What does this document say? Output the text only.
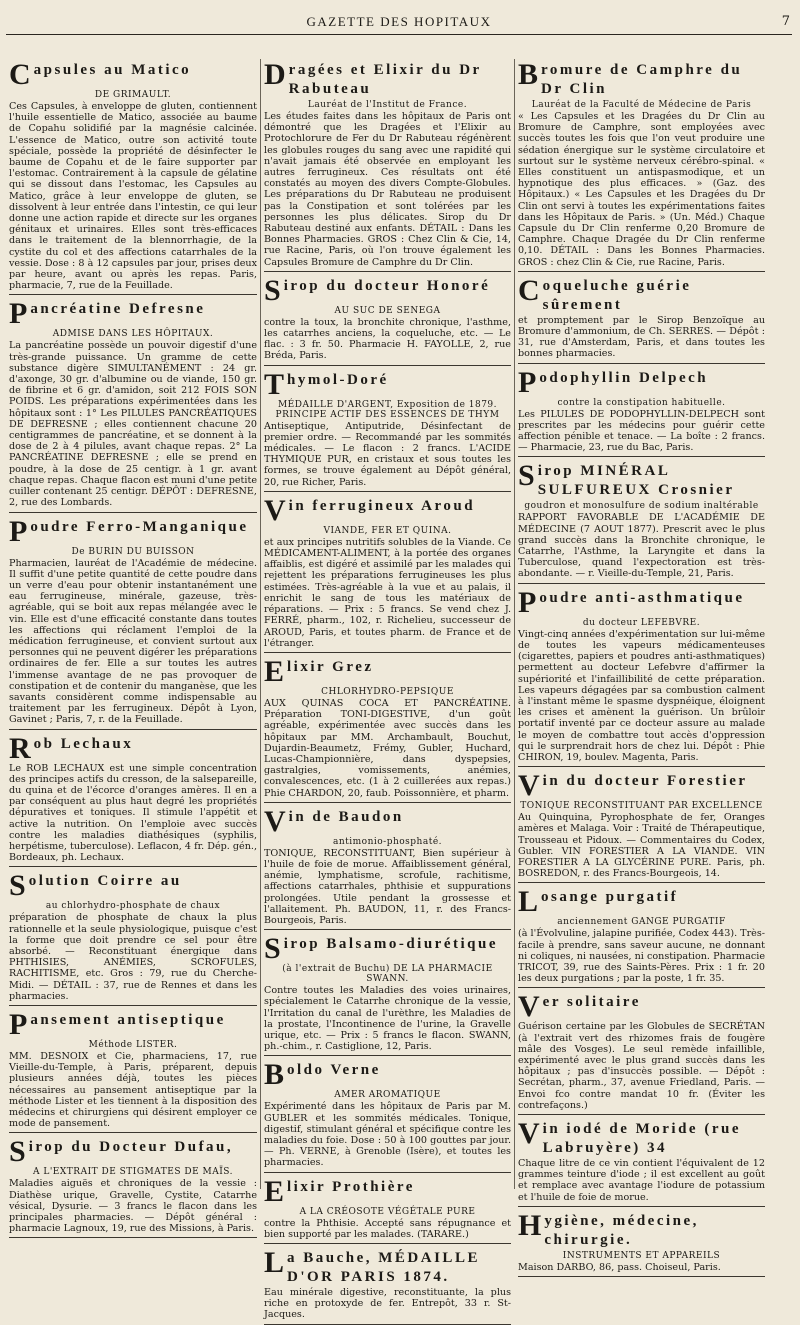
GAZETTE DES HOPITAUX	7
C apsules au Matico
DE GRIMAULT.
Ces Capsules, à enveloppe de gluten, contiennent l'huile essentielle de Matico, associée au baume de Copahu solidifié par la magnésie calcinée. L'essence de Matico, outre son activité toute spéciale, possède la propriété de désinfecter le baume de Copahu et de le faire supporter par l'estomac. Contrairement à la capsule de gélatine qui se dissout dans l'estomac, les Capsules au Matico, grâce à leur enveloppe de gluten, se dissolvent à leur entrée dans l'intestin, ce qui leur donne une action rapide et directe sur les organes génitaux et urinaires. Elles sont très-efficaces dans le traitement de la blennorrhagie, de la cystite du col et des affections catarrhales de la vessie. Dose : 8 à 12 capsules par jour, prises deux par heure, avant ou après les repas. Paris, pharmacie, 7, rue de la Feuillade.
P ancréatine Defresne
ADMISE DANS LES HÔPITAUX.
La pancréatine possède un pouvoir digestif d'une très-grande puissance. Un gramme de cette substance digère SIMULTANÉMENT : 24 gr. d'axonge, 30 gr. d'albumine ou de viande, 150 gr. de fibrine et 6 gr. d'amidon, soit 212 FOIS SON POIDS. Les préparations expérimentées dans les hôpitaux sont : 1° Les PILULES PANCRÉATIQUES DE DEFRESNE ; elles contiennent chacune 20 centigrammes de pancréatine, et se donnent à la dose de 2 à 4 pilules, avant chaque repas. 2° La PANCRÉATINE DEFRESNE ; elle se prend en poudre, à la dose de 25 centigr. à 1 gr. avant chaque repas. Chaque flacon est muni d'une petite cuiller contenant 25 centigr. DÉPÔT : DEFRESNE, 2, rue des Lombards.
P oudre Ferro-Manganique
De BURIN DU BUISSON
Pharmacien, lauréat de l'Académie de médecine. Il suffit d'une petite quantité de cette poudre dans un verre d'eau pour obtenir instantanément une eau ferrugineuse, minérale, gazeuse, très-agréable, qui se boit aux repas mélangée avec le vin. Elle est d'une efficacité constante dans toutes les affections qui réclament l'emploi de la médication ferrugineuse, et convient surtout aux personnes qui ne peuvent digérer les préparations ordinaires de fer. Elle a sur toutes les autres l'immense avantage de ne pas provoquer de constipation et de contenir du manganèse, que les savants considèrent comme indispensable au traitement par les ferrugineux. Dépôt à Lyon, Gavinet ; Paris, 7, r. de la Feuillade.
R ob Lechaux
Le ROB LECHAUX est une simple concentration des principes actifs du cresson, de la salsepareille, du quina et de l'écorce d'oranges amères. Il en a par conséquent au plus haut degré les propriétés dépuratives et toniques. Il stimule l'appétit et active la nutrition. On l'emploie avec succès contre les maladies diathésiques (syphilis, herpétisme, tuberculose). Leflacon, 4 fr. Dép. gén., Bordeaux, ph. Lechaux.
S olution Coirre au
au chlorhydro-phosphate de chaux
préparation de phosphate de chaux la plus rationnelle et la seule physiologique, puisque c'est la forme que doit prendre ce sel pour être absorbé. — Reconstituant énergique dans PHTHISIES, ANÉMIES, SCROFULES, RACHITISME, etc. Gros : 79, rue du Cherche-Midi. — DÉTAIL : 37, rue de Rennes et dans les pharmacies.
P ansement antiseptique
Méthode LISTER.
MM. DESNOIX et Cie, pharmaciens, 17, rue Vieille-du-Temple, à Paris, préparent, depuis plusieurs années déjà, toutes les pièces nécessaires au pansement antiseptique par la méthode Lister et les tiennent à la disposition des médecins et chirurgiens qui désirent employer ce mode de pansement.
S irop du Docteur Dufau,
A L'EXTRAIT DE STIGMATES DE MAÏS.
Maladies aiguës et chroniques de la vessie : Diathèse urique, Gravelle, Cystite, Catarrhe vésical, Dysurie. — 3 francs le flacon dans les principales pharmacies. — Dépôt général : pharmacie Lagnoux, 19, rue des Missions, à Paris.
D ragées et Elixir du Dr Rabuteau
Lauréat de l'Institut de France.
Les études faites dans les hôpitaux de Paris ont démontré que les Dragées et l'Elixir au Protochlorure de Fer du Dr Rabuteau régénèrent les globules rouges du sang avec une rapidité qui n'avait jamais été observée en employant les autres ferrugineux. Ces résultats ont été constatés au moyen des divers Compte-Globules. Les préparations du Dr Rabuteau ne produisent pas la Constipation et sont tolérées par les personnes les plus délicates. Sirop du Dr Rabuteau destiné aux enfants. DÉTAIL : Dans les Bonnes Pharmacies. GROS : Chez Clin & Cie, 14, rue Racine, Paris, où l'on trouve également les Capsules Bromure de Camphre du Dr Clin.
S irop du docteur Honoré
AU SUC DE SENEGA
contre la toux, la bronchite chronique, l'asthme, les catarrhes anciens, la coqueluche, etc. — Le flac. : 3 fr. 50. Pharmacie H. FAYOLLE, 2, rue Bréda, Paris.
T hymol-Doré
MÉDAILLE D'ARGENT, Exposition de 1879. PRINCIPE ACTIF DES ESSENCES DE THYM
Antiseptique, Antiputride, Désinfectant de premier ordre. — Recommandé par les sommités médicales. — Le flacon : 2 francs. L'ACIDE THYMIQUE PUR, en cristaux et sous toutes les formes, se trouve également au Dépôt général, 20, rue Richer, Paris.
V in ferrugineux Aroud
VIANDE, FER ET QUINA.
et aux principes nutritifs solubles de la Viande. Ce MÉDICAMENT-ALIMENT, à la portée des organes affaiblis, est digéré et assimilé par les malades qui rejettent les préparations ferrugineuses les plus estimées. Très-agréable à la vue et au palais, il enrichit le sang de tous les matériaux de réparations. — Prix : 5 francs. Se vend chez J. FERRÉ, pharm., 102, r. Richelieu, successeur de AROUD, Paris, et toutes pharm. de France et de l'étranger.
E lixir Grez
CHLORHYDRO-PEPSIQUE
AUX QUINAS COCA ET PANCRÉATINE. Préparation TONI-DIGESTIVE, d'un goût agréable, expérimentée avec succès dans les hôpitaux par MM. Archambault, Bouchut, Dujardin-Beaumetz, Frémy, Gubler, Huchard, Lucas-Championnière, dans dyspepsies, gastralgies, vomissements, anémies, convalescences, etc. (1 à 2 cuillerées aux repas.) Phie CHARDON, 20, faub. Poissonnière, et pharm.
V in de Baudon
antimonio-phosphaté.
TONIQUE, RECONSTITUANT, Bien supérieur à l'huile de foie de morue. Affaiblissement général, anémie, lymphatisme, scrofule, rachitisme, affections catarrhales, phthisie et suppurations prolongées. Utile pendant la grossesse et l'allaitement. Ph. BAUDON, 11, r. des Francs-Bourgeois, Paris.
S irop Balsamo-diurétique
(à l'extrait de Buchu) DE LA PHARMACIE SWANN.
Contre toutes les Maladies des voies urinaires, spécialement le Catarrhe chronique de la vessie, l'Irritation du canal de l'urèthre, les Maladies de la prostate, l'Incontinence de l'urine, la Gravelle urique, etc. — Prix : 5 francs le flacon. SWANN, ph.-chim., r. Castiglione, 12, Paris.
B oldo Verne
AMER AROMATIQUE
Expérimenté dans les hôpitaux de Paris par M. GUBLER et les sommités médicales. Tonique, digestif, stimulant général et spécifique contre les maladies du foie. Dose : 50 à 100 gouttes par jour. — Ph. VERNE, à Grenoble (Isère), et toutes les pharmacies.
E lixir Prothière
A LA CRÉOSOTE VÉGÉTALE PURE
contre la Phthisie. Accepté sans répugnance et bien supporté par les malades. (TARARE.)
L a Bauche, MÉDAILLE D'OR PARIS 1874.
Eau minérale digestive, reconstituante, la plus riche en protoxyde de fer. Entrepôt, 33 r. St-Jacques.
B romure de Camphre du Dr Clin
Lauréat de la Faculté de Médecine de Paris
« Les Capsules et les Dragées du Dr Clin au Bromure de Camphre, sont employées avec succès toutes les fois que l'on veut produire une sédation énergique sur le système circulatoire et surtout sur le système nerveux cérébro-spinal. « Elles constituent un antispasmodique, et un hypnotique des plus efficaces. » (Gaz. des Hôpitaux.) « Les Capsules et les Dragées du Dr Clin ont servi à toutes les expérimentations faites dans les Hôpitaux de Paris. » (Un. Méd.) Chaque Capsule du Dr Clin renferme 0,20 Bromure de Camphre. Chaque Dragée du Dr Clin renferme 0,10. DÉTAIL : Dans les Bonnes Pharmacies. GROS : chez Clin & Cie, rue Racine, Paris.
C oqueluche guérie sûrement
et promptement par le Sirop Benzoïque au Bromure d'ammonium, de Ch. SERRES. — Dépôt : 31, rue d'Amsterdam, Paris, et dans toutes les bonnes pharmacies.
P odophyllin Delpech
contre la constipation habituelle.
Les PILULES DE PODOPHYLLIN-DELPECH sont prescrites par les médecins pour guérir cette affection pénible et tenace. — La boîte : 2 francs. — Pharmacie, 23, rue du Bac, Paris.
S irop MINÉRAL SULFUREUX Crosnier
goudron et monosulfure de sodium inaltérable
RAPPORT FAVORABLE DE L'ACADÉMIE DE MÉDECINE (7 AOUT 1877). Prescrit avec le plus grand succès dans la Bronchite chronique, le Catarrhe, l'Asthme, la Laryngite et dans la Tuberculose, quand l'expectoration est très-abondante. — r. Vieille-du-Temple, 21, Paris.
P oudre anti-asthmatique
du docteur LEFEBVRE.
Vingt-cinq années d'expérimentation sur lui-même de toutes les vapeurs médicamenteuses (cigarettes, papiers et poudres anti-asthmatiques) permettent au docteur Lefebvre d'affirmer la supériorité et l'infaillibilité de cette préparation. Les vapeurs dégagées par sa combustion calment à l'instant même le spasme dyspnéique, éloignent les crises et amènent la guérison. Un brûloir portatif inventé par ce docteur assure au malade le moyen de combattre tout accès d'oppression qui le surprendrait hors de chez lui. Dépôt : Phie CHIRON, 19, boulev. Magenta, Paris.
V in du docteur Forestier
TONIQUE RECONSTITUANT PAR EXCELLENCE
Au Quinquina, Pyrophosphate de fer, Oranges amères et Malaga. Voir : Traité de Thérapeutique, Trousseau et Pidoux. — Commentaires du Codex, Gubler. VIN FORESTIER A LA VIANDE. VIN FORESTIER A LA GLYCÉRINE PURE. Paris, ph. BOSREDON, r. des Francs-Bourgeois, 14.
L osange purgatif
anciennement GANGE PURGATIF
(à l'Évolvuline, jalapine purifiée, Codex 443). Très-facile à prendre, sans saveur aucune, ne donnant ni coliques, ni nausées, ni constipation. Pharmacie TRICOT, 39, rue des Saints-Pères. Prix : 1 fr. 20 les deux purgations ; par la poste, 1 fr. 35.
V er solitaire
Guérison certaine par les Globules de SECRÉTAN (à l'extrait vert des rhizomes frais de fougère mâle des Vosges). Le seul remède infaillible, expérimenté avec le plus grand succès dans les hôpitaux ; pas d'insuccès possible. — Dépôt : Secrétan, pharm., 37, avenue Friedland, Paris. — Envoi fco contre mandat 10 fr. (Éviter les contrefaçons.)
V in iodé de Moride (rue Labruyère) 34
Chaque litre de ce vin contient l'équivalent de 12 grammes teinture d'iode ; il est excellent au goût et remplace avec avantage l'iodure de potassium et l'huile de foie de morue.
H ygiène, médecine, chirurgie.
INSTRUMENTS ET APPAREILS
Maison DARBO, 86, pass. Choiseul, Paris.
